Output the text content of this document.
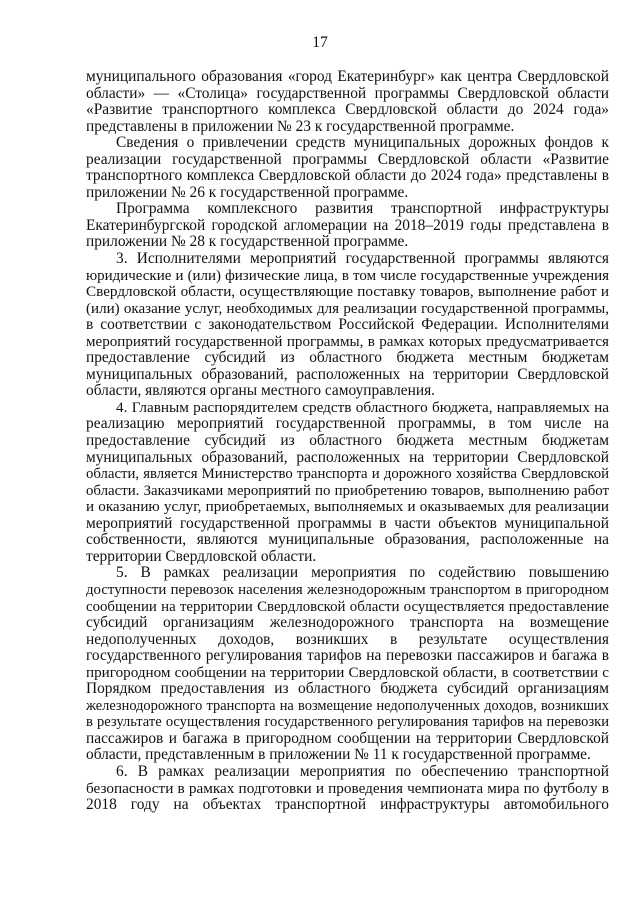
17
муниципального образования «город Екатеринбург» как центра Свердловской
области» — «Столица» государственной программы Свердловской области
«Развитие транспортного комплекса Свердловской области до 2024 года»
представлены в приложении № 23 к государственной программе.
Сведения о привлечении средств муниципальных дорожных фондов к
реализации государственной программы Свердловской области «Развитие
транспортного комплекса Свердловской области до 2024 года» представлены в
приложении № 26 к государственной программе.
Программа комплексного развития транспортной инфраструктуры
Екатеринбургской городской агломерации на 2018–2019 годы представлена в
приложении № 28 к государственной программе.
3. Исполнителями мероприятий государственной программы являются
юридические и (или) физические лица, в том числе государственные учреждения
Свердловской области, осуществляющие поставку товаров, выполнение работ и
(или) оказание услуг, необходимых для реализации государственной программы,
в соответствии с законодательством Российской Федерации. Исполнителями
мероприятий государственной программы, в рамках которых предусматривается
предоставление субсидий из областного бюджета местным бюджетам
муниципальных образований, расположенных на территории Свердловской
области, являются органы местного самоуправления.
4. Главным распорядителем средств областного бюджета, направляемых на
реализацию мероприятий государственной программы, в том числе на
предоставление субсидий из областного бюджета местным бюджетам
муниципальных образований, расположенных на территории Свердловской
области, является Министерство транспорта и дорожного хозяйства Свердловской
области. Заказчиками мероприятий по приобретению товаров, выполнению работ
и оказанию услуг, приобретаемых, выполняемых и оказываемых для реализации
мероприятий государственной программы в части объектов муниципальной
собственности, являются муниципальные образования, расположенные на
территории Свердловской области.
5. В рамках реализации мероприятия по содействию повышению
доступности перевозок населения железнодорожным транспортом в пригородном
сообщении на территории Свердловской области осуществляется предоставление
субсидий организациям железнодорожного транспорта на возмещение
недополученных доходов, возникших в результате осуществления
государственного регулирования тарифов на перевозки пассажиров и багажа в
пригородном сообщении на территории Свердловской области, в соответствии с
Порядком предоставления из областного бюджета субсидий организациям
железнодорожного транспорта на возмещение недополученных доходов, возникших
в результате осуществления государственного регулирования тарифов на перевозки
пассажиров и багажа в пригородном сообщении на территории Свердловской
области, представленным в приложении № 11 к государственной программе.
6. В рамках реализации мероприятия по обеспечению транспортной
безопасности в рамках подготовки и проведения чемпионата мира по футболу в
2018 году на объектах транспортной инфраструктуры автомобильного
